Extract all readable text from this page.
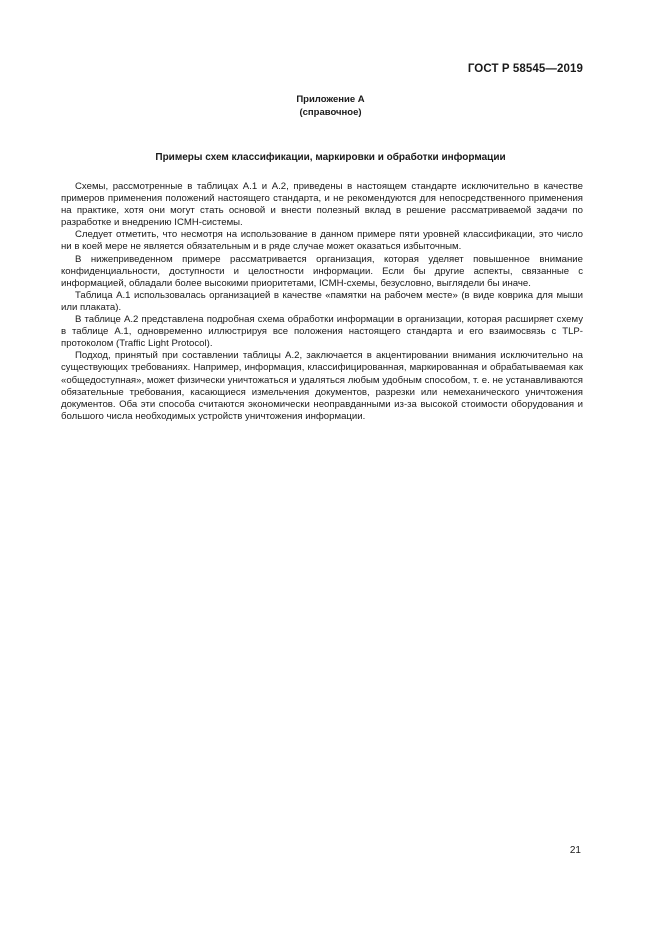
ГОСТ Р 58545—2019
Приложение А
(справочное)
Примеры схем классификации, маркировки и обработки информации

Схемы, рассмотренные в таблицах А.1 и А.2, приведены в настоящем стандарте исключительно в качестве примеров применения положений настоящего стандарта, и не рекомендуются для непосредственного применения на практике, хотя они могут стать основой и внести полезный вклад в решение рассматриваемой задачи по разработке и внедрению ICMH-системы.

Следует отметить, что несмотря на использование в данном примере пяти уровней классификации, это число ни в коей мере не является обязательным и в ряде случае может оказаться избыточным.

В нижеприведенном примере рассматривается организация, которая уделяет повышенное внимание конфиденциальности, доступности и целостности информации. Если бы другие аспекты, связанные с информацией, обладали более высокими приоритетами, ICMH-схемы, безусловно, выглядели бы иначе.

Таблица А.1 использовалась организацией в качестве «памятки на рабочем месте» (в виде коврика для мыши или плаката).

В таблице А.2 представлена подробная схема обработки информации в организации, которая расширяет схему в таблице А.1, одновременно иллюстрируя все положения настоящего стандарта и его взаимосвязь с TLP-протоколом (Traffic Light Protocol).

Подход, принятый при составлении таблицы А.2, заключается в акцентировании внимания исключительно на существующих требованиях. Например, информация, классифицированная, маркированная и обрабатываемая как «общедоступная», может физически уничтожаться и удаляться любым удобным способом, т. е. не устанавливаются обязательные требования, касающиеся измельчения документов, разрезки или немеханического уничтожения документов. Оба эти способа считаются экономически неоправданными из-за высокой стоимости оборудования и большого числа необходимых устройств уничтожения информации.

21
